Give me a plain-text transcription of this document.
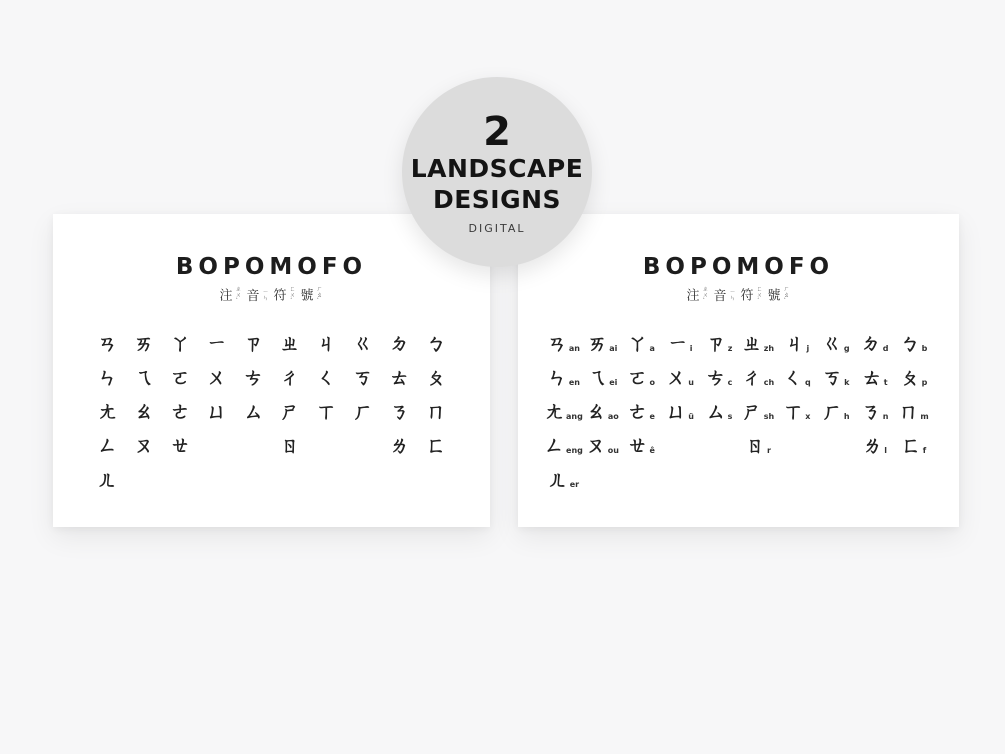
BOPOMOFO
注ㄓㄨˋ 音ㄧㄣ 符ㄈㄨˊ 號ㄏㄠˋ
ㄢ ㄞ ㄚ ㄧ ㄗ ㄓ ㄐ ㄍ ㄉ ㄅ
ㄣ ㄟ ㄛ ㄨ ㄘ ㄔ ㄑ ㄎ ㄊ ㄆ
ㄤ ㄠ ㄜ ㄩ ㄙ ㄕ ㄒ ㄏ ㄋ ㄇ
ㄥ ㄡ ㄝ	ㄖ	ㄌ ㄈ
ㄦ
BOPOMOFO
注ㄓㄨˋ 音ㄧㄣ 符ㄈㄨˊ 號ㄏㄠˋ
ㄢ an ㄞ ai ㄚ a ㄧ i ㄗ z ㄓ zh ㄐ j ㄍ g ㄉ d ㄅ b
ㄣ en ㄟ ei ㄛ o ㄨ u ㄘ c ㄔ ch ㄑ q ㄎ k ㄊ t ㄆ p
ㄤ ang ㄠ ao ㄜ e ㄩ ü ㄙ s ㄕ sh ㄒ x ㄏ h ㄋ n ㄇ m
ㄥ eng ㄡ ou ㄝ ê	ㄖ r	ㄌ l ㄈ f
ㄦ er
2
LANDSCAPE
DESIGNS
DIGITAL
